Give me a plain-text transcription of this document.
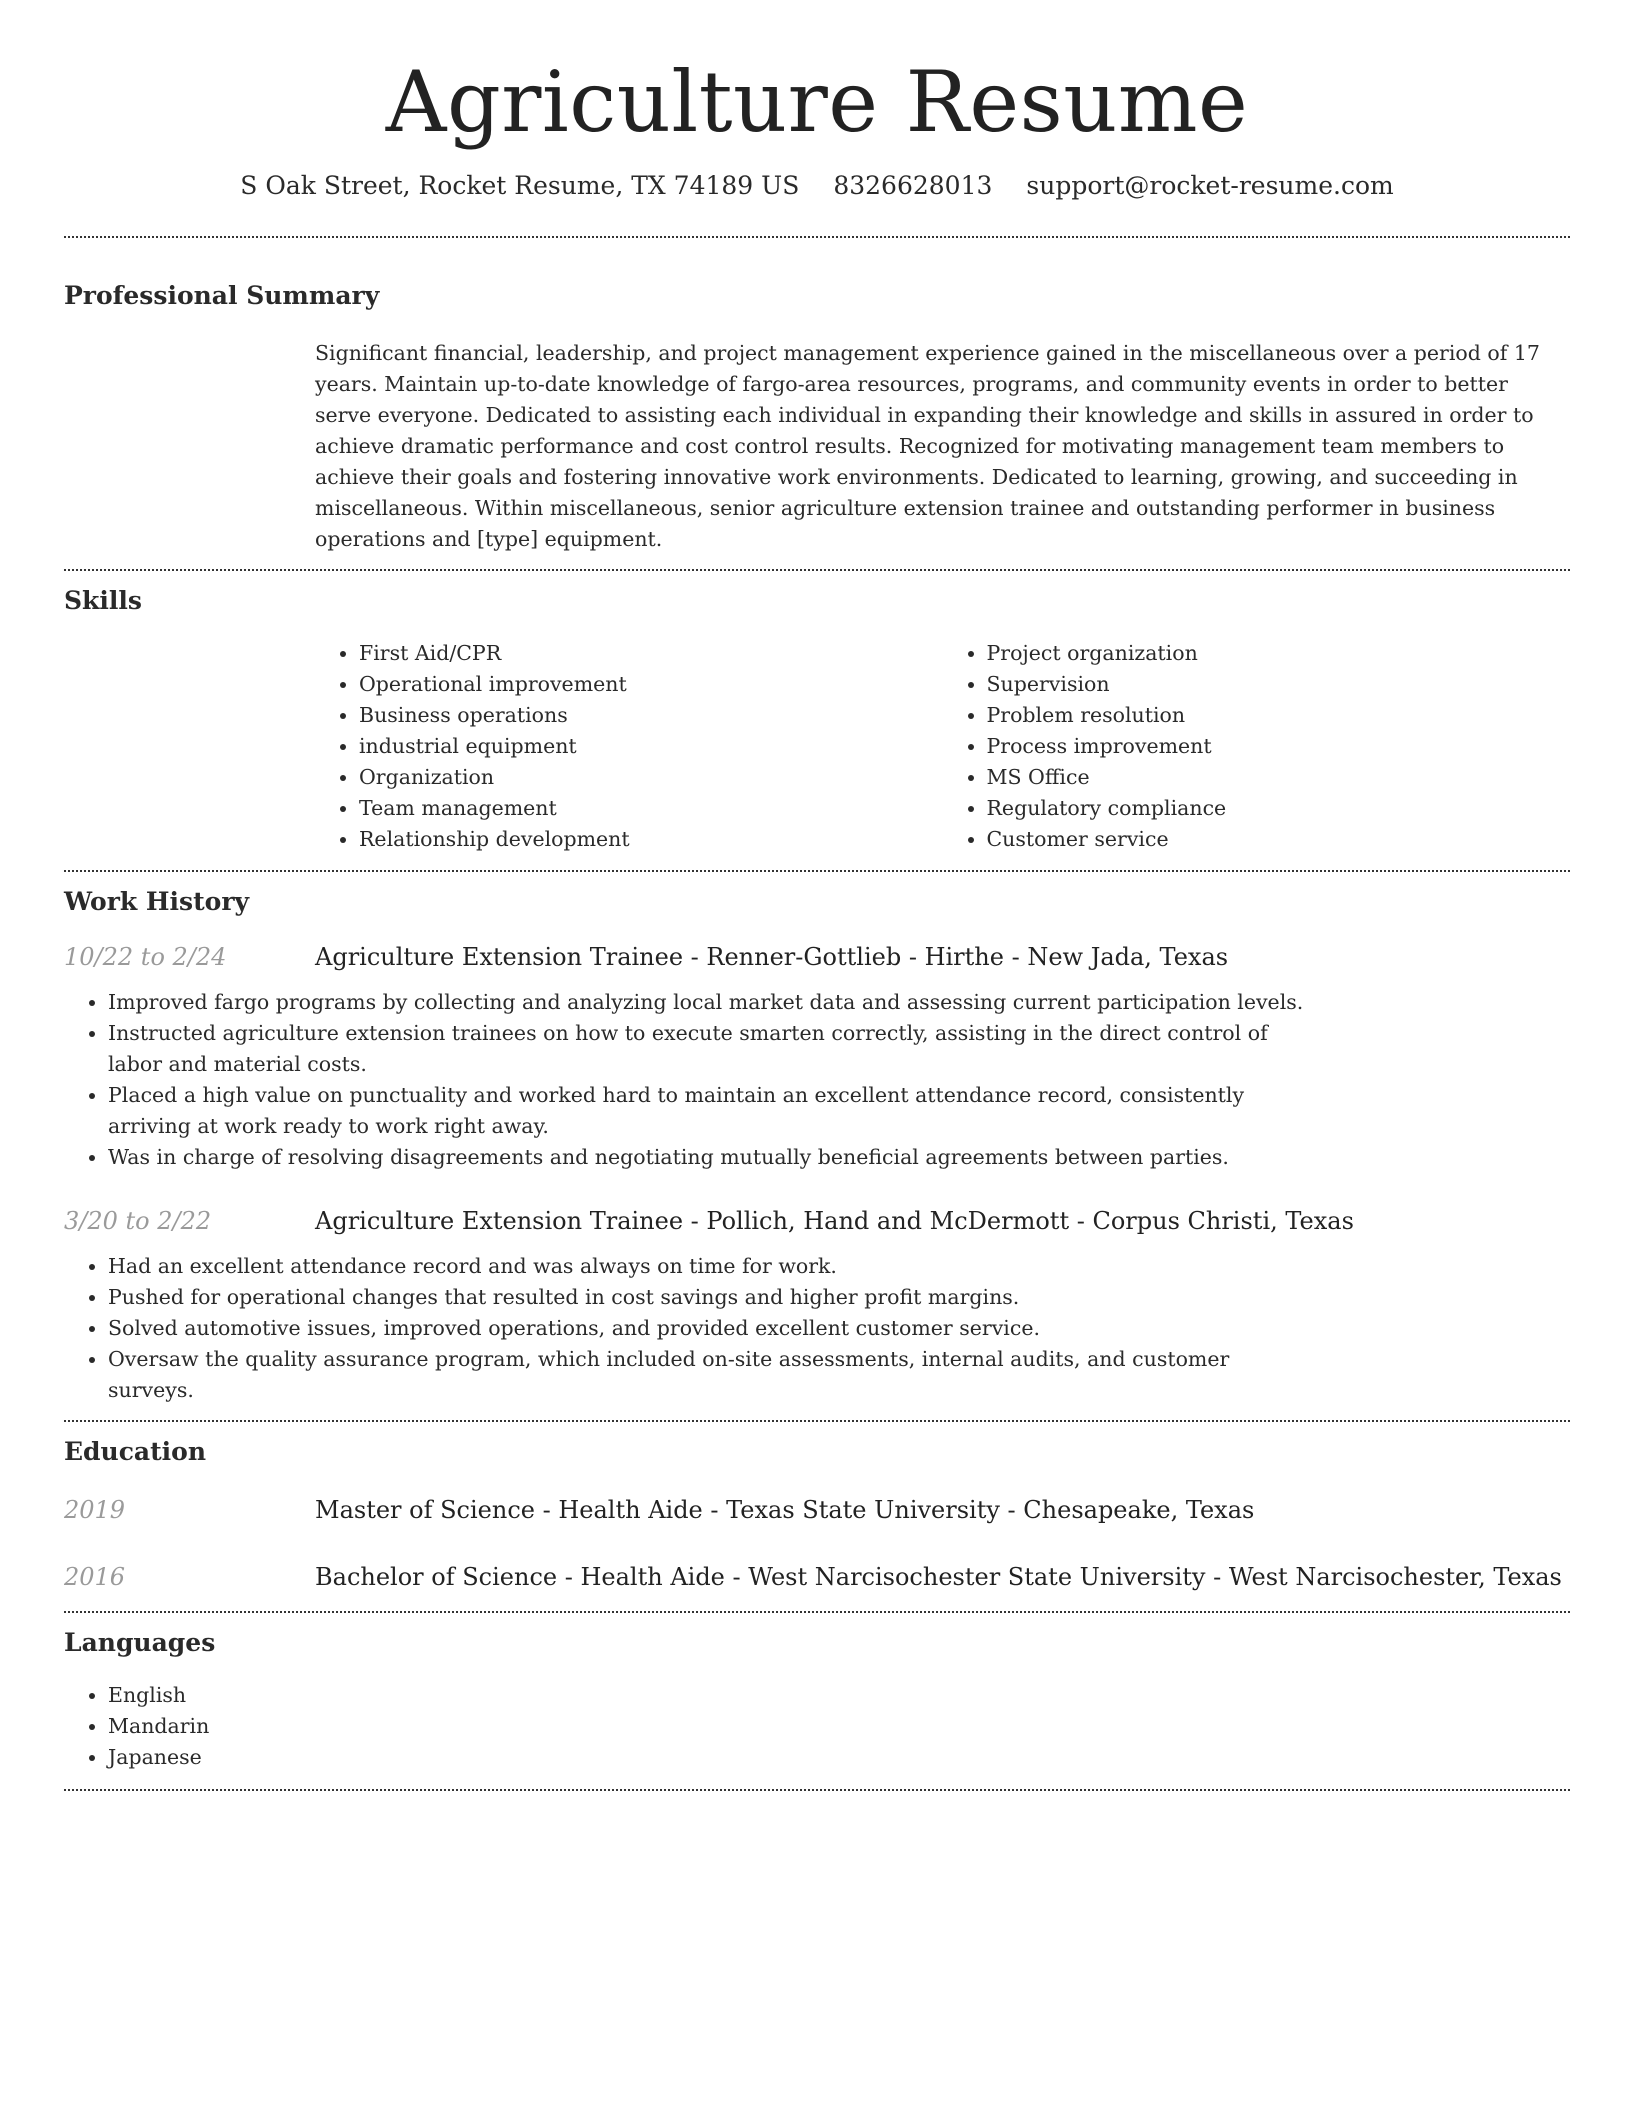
Agriculture Resume
S Oak Street, Rocket Resume, TX 74189 US 8326628013 support@rocket-resume.com
Professional Summary
Significant financial, leadership, and project management experience gained in the miscellaneous over a period of 17 years. Maintain up-to-date knowledge of fargo-area resources, programs, and community events in order to better serve everyone. Dedicated to assisting each individual in expanding their knowledge and skills in assured in order to achieve dramatic performance and cost control results. Recognized for motivating management team members to achieve their goals and fostering innovative work environments. Dedicated to learning, growing, and succeeding in miscellaneous. Within miscellaneous, senior agriculture extension trainee and outstanding performer in business operations and [type] equipment.
Skills
• First Aid/CPR
• Operational improvement
• Business operations
• industrial equipment
• Organization
• Team management
• Relationship development
• Project organization
• Supervision
• Problem resolution
• Process improvement
• MS Office
• Regulatory compliance
• Customer service
Work History
10/22 to 2/24	Agriculture Extension Trainee - Renner-Gottlieb - Hirthe - New Jada, Texas
• Improved fargo programs by collecting and analyzing local market data and assessing current participation levels.
• Instructed agriculture extension trainees on how to execute smarten correctly, assisting in the direct control of labor and material costs.
• Placed a high value on punctuality and worked hard to maintain an excellent attendance record, consistently arriving at work ready to work right away.
• Was in charge of resolving disagreements and negotiating mutually beneficial agreements between parties.
3/20 to 2/22	Agriculture Extension Trainee - Pollich, Hand and McDermott - Corpus Christi, Texas
• Had an excellent attendance record and was always on time for work.
• Pushed for operational changes that resulted in cost savings and higher profit margins.
• Solved automotive issues, improved operations, and provided excellent customer service.
• Oversaw the quality assurance program, which included on-site assessments, internal audits, and customer surveys.
Education
2019	Master of Science - Health Aide - Texas State University - Chesapeake, Texas
2016	Bachelor of Science - Health Aide - West Narcisochester State University - West Narcisochester, Texas
Languages
• English
• Mandarin
• Japanese
